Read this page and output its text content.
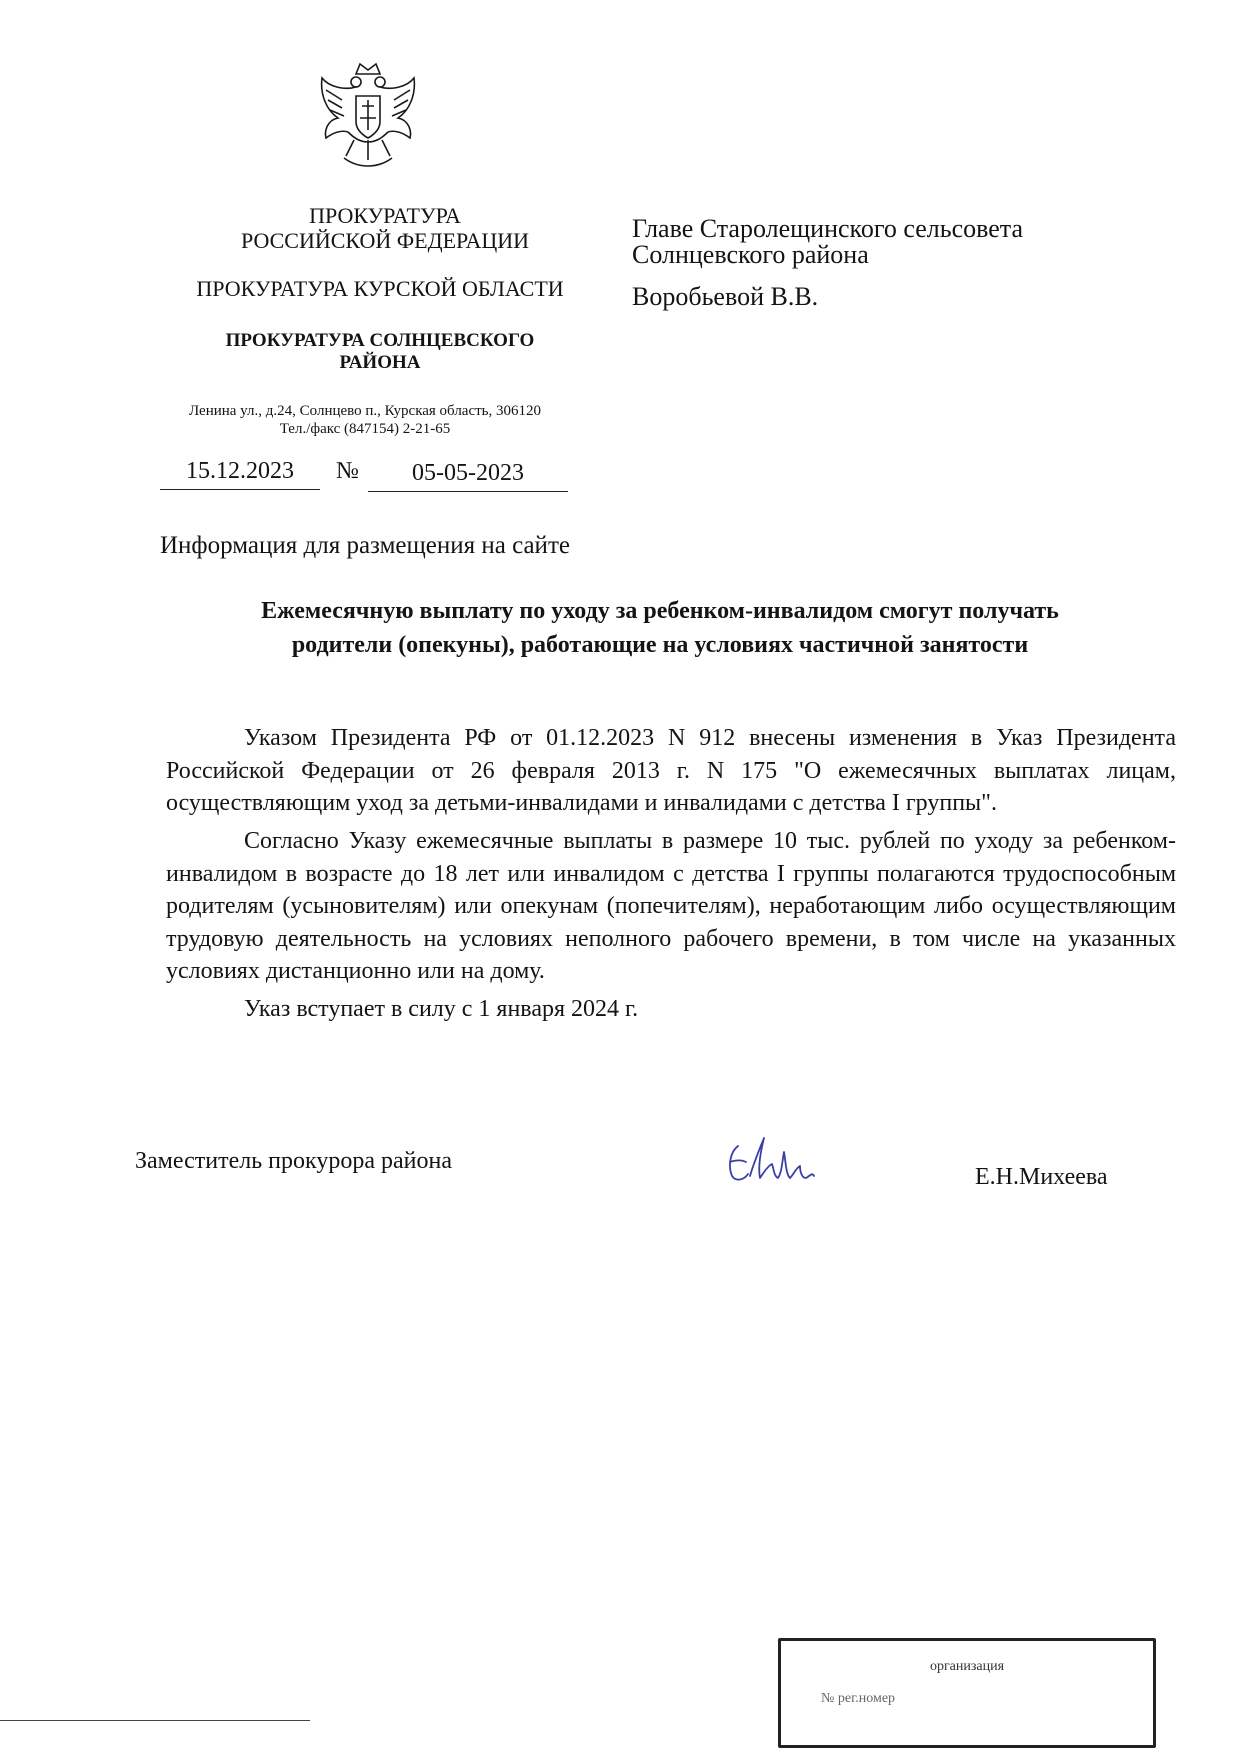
ПРОКУРАТУРА
РОССИЙСКОЙ ФЕДЕРАЦИИ
ПРОКУРАТУРА КУРСКОЙ ОБЛАСТИ
ПРОКУРАТУРА СОЛНЦЕВСКОГО
РАЙОНА
Ленина ул., д.24, Солнцево п., Курская область, 306120
Тел./факс (847154) 2-21-65
15.12.2023	№	05-05-2023
Главе Старолещинского сельсовета
Солнцевского района
Воробьевой В.В.
Информация для размещения на сайте
Ежемесячную выплату по уходу за ребенком-инвалидом смогут получать
родители (опекуны), работающие на условиях частичной занятости

Указом Президента РФ от 01.12.2023 N 912 внесены изменения в Указ Президента Российской Федерации от 26 февраля 2013 г. N 175 "О ежемесячных выплатах лицам, осуществляющим уход за детьми-инвалидами и инвалидами с детства I группы".

Согласно Указу ежемесячные выплаты в размере 10 тыс. рублей по уходу за ребенком-инвалидом в возрасте до 18 лет или инвалидом с детства I группы полагаются трудоспособным родителям (усыновителям) или опекунам (попечителям), неработающим либо осуществляющим трудовую деятельность на условиях неполного рабочего времени, в том числе на указанных условиях дистанционно или на дому.

Указ вступает в силу с 1 января 2024 г.

Заместитель прокурора района
Е.Н.Михеева
организация
№ рег.номер
